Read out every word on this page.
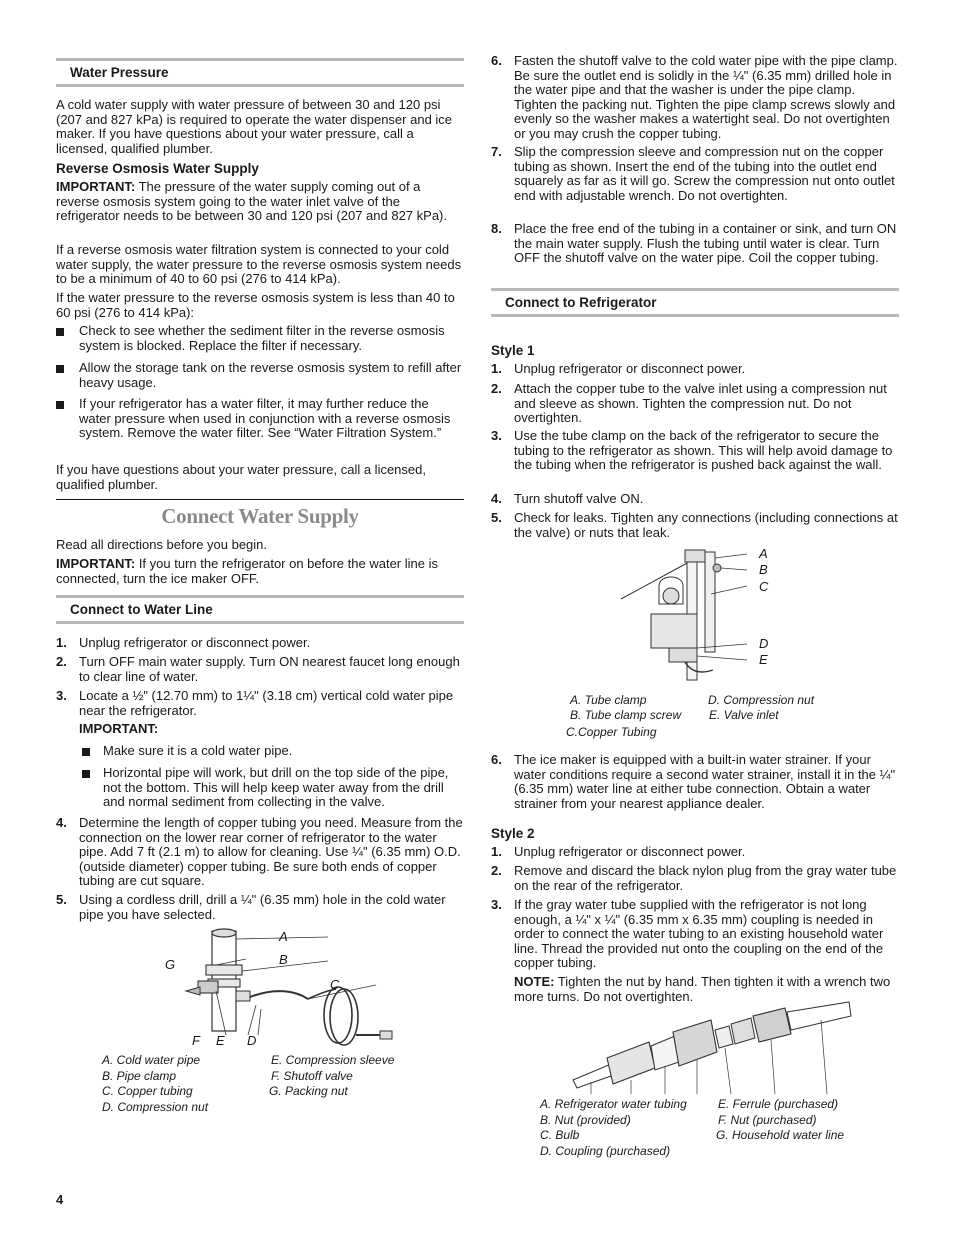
Water Pressure

A cold water supply with water pressure of between 30 and 120 psi (207 and 827 kPa) is required to operate the water dispenser and ice maker. If you have questions about your water pressure, call a licensed, qualified plumber.

Reverse Osmosis Water Supply

IMPORTANT: The pressure of the water supply coming out of a reverse osmosis system going to the water inlet valve of the refrigerator needs to be between 30 and 120 psi (207 and 827 kPa).

If a reverse osmosis water filtration system is connected to your cold water supply, the water pressure to the reverse osmosis system needs to be a minimum of 40 to 60 psi (276 to 414 kPa).

If the water pressure to the reverse osmosis system is less than 40 to 60 psi (276 to 414 kPa):

Check to see whether the sediment filter in the reverse osmosis system is blocked. Replace the filter if necessary.
Allow the storage tank on the reverse osmosis system to refill after heavy usage.
If your refrigerator has a water filter, it may further reduce the water pressure when used in conjunction with a reverse osmosis system. Remove the water filter. See “Water Filtration System.”

If you have questions about your water pressure, call a licensed, qualified plumber.

Connect Water Supply

Read all directions before you begin.

IMPORTANT: If you turn the refrigerator on before the water line is connected, turn the ice maker OFF.

Connect to Water Line
1. Unplug refrigerator or disconnect power.
2. Turn OFF main water supply. Turn ON nearest faucet long enough to clear line of water.
3. Locate a ½" (12.70 mm) to 1¼" (3.18 cm) vertical cold water pipe near the refrigerator.
IMPORTANT:
Make sure it is a cold water pipe.
Horizontal pipe will work, but drill on the top side of the pipe, not the bottom. This will help keep water away from the drill and normal sediment from collecting in the valve.
4. Determine the length of copper tubing you need. Measure from the connection on the lower rear corner of refrigerator to the water pipe. Add 7 ft (2.1 m) to allow for cleaning. Use ¼" (6.35 mm) O.D. (outside diameter) copper tubing. Be sure both ends of copper tubing are cut square.
5. Using a cordless drill, drill a ¼" (6.35 mm) hole in the cold water pipe you have selected.
A
B
C
D
E
F
G
A. Cold water pipe
B. Pipe clamp
C. Copper tubing
D. Compression nut
E. Compression sleeve
F. Shutoff valve
G. Packing nut
4
6. Fasten the shutoff valve to the cold water pipe with the pipe clamp. Be sure the outlet end is solidly in the ¼" (6.35 mm) drilled hole in the water pipe and that the washer is under the pipe clamp. Tighten the packing nut. Tighten the pipe clamp screws slowly and evenly so the washer makes a watertight seal. Do not overtighten or you may crush the copper tubing.
7. Slip the compression sleeve and compression nut on the copper tubing as shown. Insert the end of the tubing into the outlet end squarely as far as it will go. Screw the compression nut onto outlet end with adjustable wrench. Do not overtighten.
8. Place the free end of the tubing in a container or sink, and turn ON the main water supply. Flush the tubing until water is clear. Turn OFF the shutoff valve on the water pipe. Coil the copper tubing.
Connect to Refrigerator
Style 1
1. Unplug refrigerator or disconnect power.
2. Attach the copper tube to the valve inlet using a compression nut and sleeve as shown. Tighten the compression nut. Do not overtighten.
3. Use the tube clamp on the back of the refrigerator to secure the tubing to the refrigerator as shown. This will help avoid damage to the tubing when the refrigerator is pushed back against the wall.
4. Turn shutoff valve ON.
5. Check for leaks. Tighten any connections (including connections at the valve) or nuts that leak.
A
B
C
D
E
A. Tube clamp
B. Tube clamp screw
C.Copper Tubing
D. Compression nut
E. Valve inlet
6. The ice maker is equipped with a built-in water strainer. If your water conditions require a second water strainer, install it in the ¼" (6.35 mm) water line at either tube connection. Obtain a water strainer from your nearest appliance dealer.
Style 2
1. Unplug refrigerator or disconnect power.
2. Remove and discard the black nylon plug from the gray water tube on the rear of the refrigerator.
3. If the gray water tube supplied with the refrigerator is not long enough, a ¼" x ¼" (6.35 mm x 6.35 mm) coupling is needed in order to connect the water tubing to an existing household water line. Thread the provided nut onto the coupling on the end of the copper tubing.

NOTE: Tighten the nut by hand. Then tighten it with a wrench two more turns. Do not overtighten.

A. Refrigerator water tubing
B. Nut (provided)
C. Bulb
D. Coupling (purchased)
E. Ferrule (purchased)
F. Nut (purchased)
G. Household water line
